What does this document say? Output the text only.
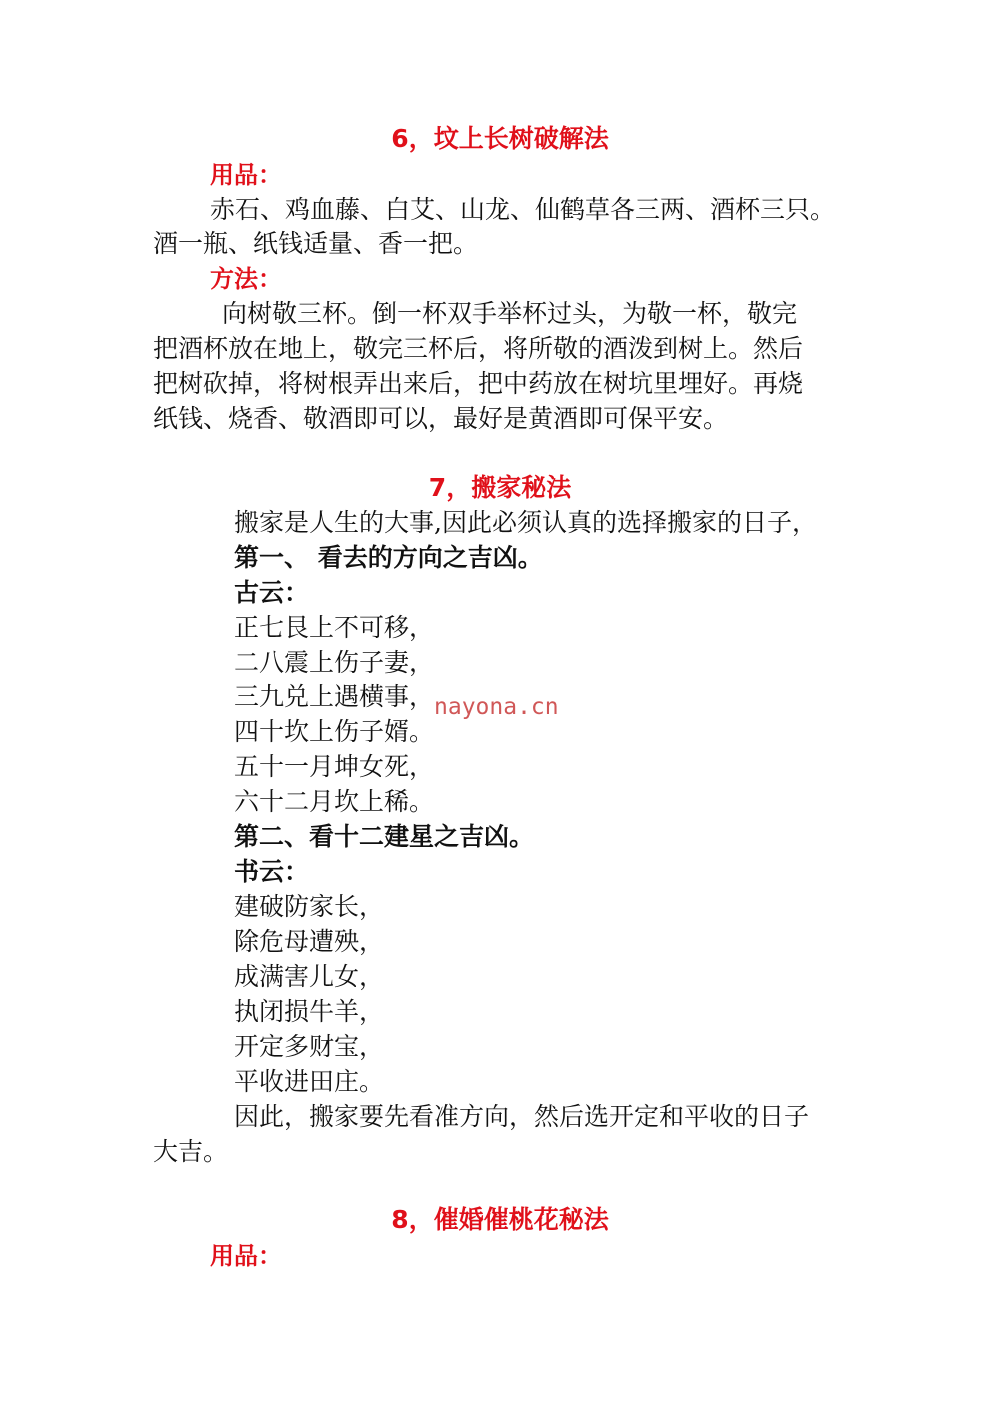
6，坟上长树破解法
用品：
赤石、鸡血藤、白艾、山龙、仙鹤草各三两、酒杯三只。
酒一瓶、纸钱适量、香一把。
方法：
向树敬三杯。倒一杯双手举杯过头，为敬一杯，敬完
把酒杯放在地上，敬完三杯后，将所敬的酒泼到树上。然后
把树砍掉，将树根弄出来后，把中药放在树坑里埋好。再烧
纸钱、烧香、敬酒即可以，最好是黄酒即可保平安。
7，搬家秘法
搬家是人生的大事,因此必须认真的选择搬家的日子，
第一、 看去的方向之吉凶。
古云：
正七艮上不可移，
二八震上伤子妻，
三九兑上遇横事，
四十坎上伤子婿。
五十一月坤女死，
六十二月坎上稀。
第二、看十二建星之吉凶。
书云：
建破防家长，
除危母遭殃，
成满害儿女，
执闭损牛羊，
开定多财宝，
平收进田庄。
因此，搬家要先看准方向，然后选开定和平收的日子
大吉。
8，催婚催桃花秘法
用品：
nayona.cn
